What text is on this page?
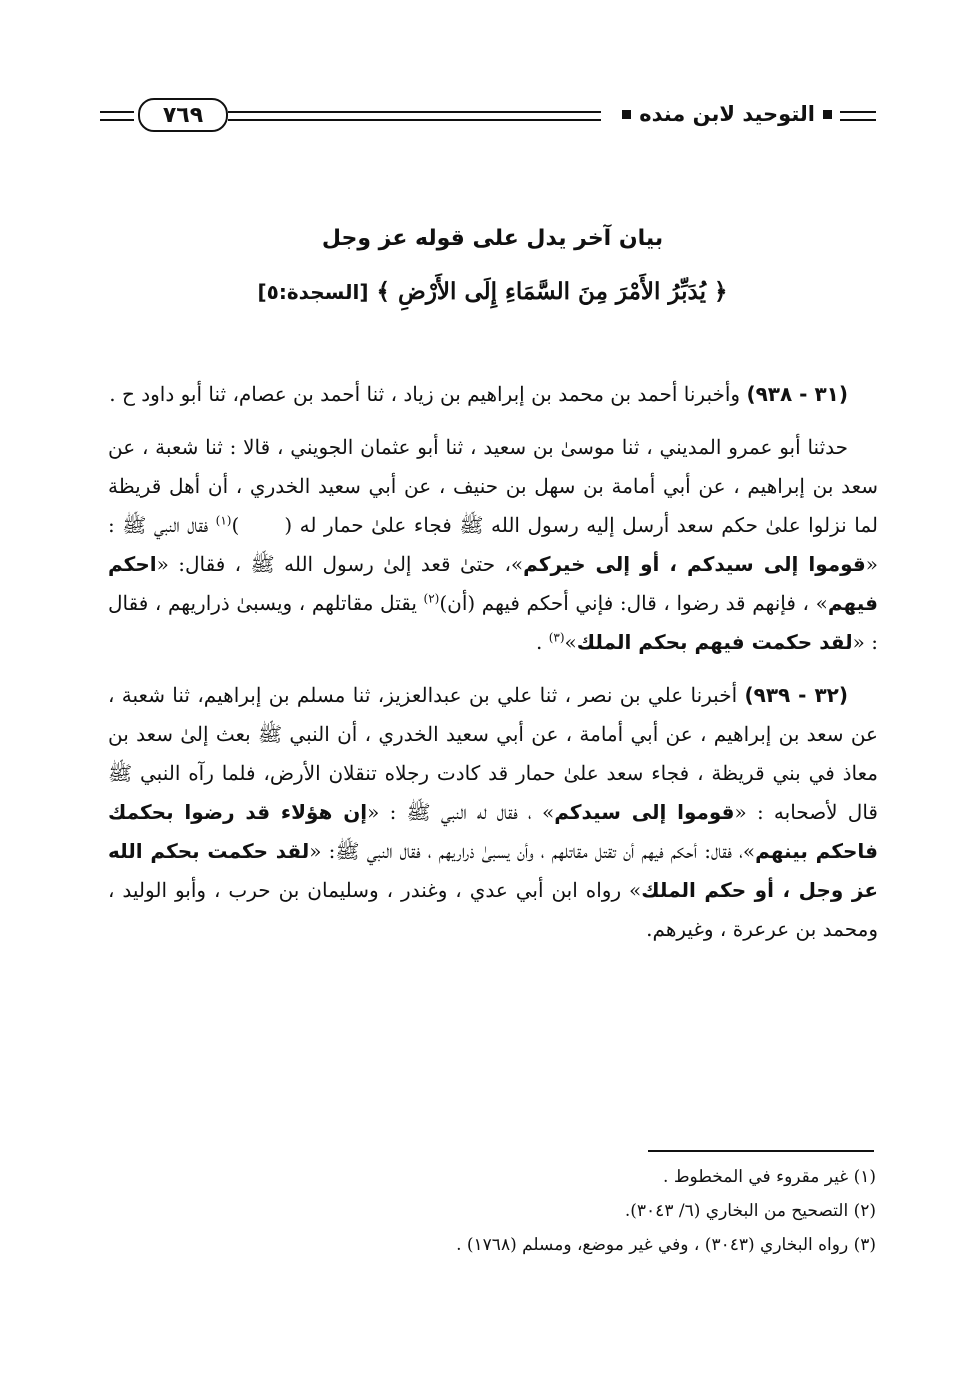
التوحيد لابن منده
٧٦٩
بيان آخر يدل على قوله عز وجل
﴿ يُدَبِّرُ الأَمْرَ مِنَ السَّمَاءِ إِلَى الأَرْضِ ﴾ [السجدة:٥]

(٣١ - ٩٣٨) وأخبرنا أحمد بن محمد بن إبراهيم بن زياد ، ثنا أحمد بن عصام، ثنا أبو داود ح .

حدثنا أبو عمرو المديني ، ثنا موسىٰ بن سعيد ، ثنا أبو عثمان الجويني ، قالا : ثنا شعبة ، عن سعد بن إبراهيم ، عن أبي أمامة بن سهل بن حنيف ، عن أبي سعيد الخدري ، أن أهل قريظة لما نزلوا علىٰ حكم سعد أرسل إليه رسول الله ﷺ فجاء علىٰ حمار له (      )$^{(١)}$ فقال النبي ﷺ : «قوموا إلى سيدكم ، أو إلى خيركم»، حتىٰ قعد إلىٰ رسول الله ﷺ ، فقال: «احكم فيهم» ، فإنهم قد رضوا ، قال: فإني أحكم فيهم (أن)$^{(٢)}$ يقتل مقاتلهم ، ويسبىٰ ذراريهم ، فقال : «لقد حكمت فيهم بحكم الملك»$^{(٣)}$ .

(٣٢ - ٩٣٩) أخبرنا علي بن نصر ، ثنا علي بن عبدالعزيز، ثنا مسلم بن إبراهيم، ثنا شعبة ، عن سعد بن إبراهيم ، عن أبي أمامة ، عن أبي سعيد الخدري ، أن النبي ﷺ بعث إلىٰ سعد بن معاذ في بني قريظة ، فجاء سعد علىٰ حمار قد كادت رجلاه تنقلان الأرض، فلما رآه النبي ﷺ قال لأصحابه : «قوموا إلى سيدكم» ، فقال له النبي ﷺ : «إن هؤلاء قد رضوا بحكمك فاحكم بينهم»، فقال: أحكم فيهم أن تقتل مقاتلهم ، وأن يسبىٰ ذراريهم ، فقال النبي ﷺ: «لقد حكمت بحكم الله عز وجل ، أو حكم الملك» رواه ابن أبي عدي ، وغندر ، وسليمان بن حرب ، وأبو الوليد ، ومحمد بن عرعرة ، وغيرهم.

(١) غير مقروء في المخطوط .

(٢) التصحيح من البخاري (٦/ ٣٠٤٣).

(٣) رواه البخاري (٣٠٤٣) ، وفي غير موضع، ومسلم (١٧٦٨) .
